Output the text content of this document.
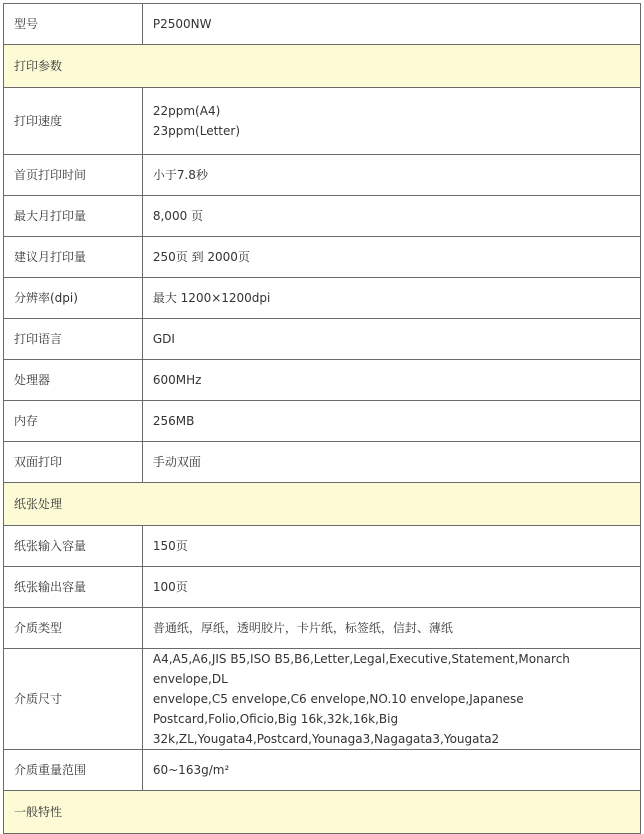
型号	P2500NW

打印参数	
打印速度	22ppm(A4)
23ppm(Letter)

首页打印时间	小于7.8秒

最大月打印量	8,000 页

建议月打印量	250页 到 2000页

分辨率(dpi)	最大 1200×1200dpi

打印语言	GDI

处理器	600MHz

内存	256MB

双面打印	手动双面

纸张处理	
纸张输入容量	150页

纸张输出容量	100页

介质类型	普通纸，厚纸，透明胶片，卡片纸，标签纸，信封、薄纸

介质尺寸	A4,A5,A6,JIS B5,ISO B5,B6,Letter,Legal,Executive,Statement,Monarch envelope,DL
envelope,C5 envelope,C6 envelope,NO.10 envelope,Japanese
Postcard,Folio,Oficio,Big 16k,32k,16k,Big
32k,ZL,Yougata4,Postcard,Younaga3,Nagagata3,Yougata2

介质重量范围	60~163g/m²

一般特性	
